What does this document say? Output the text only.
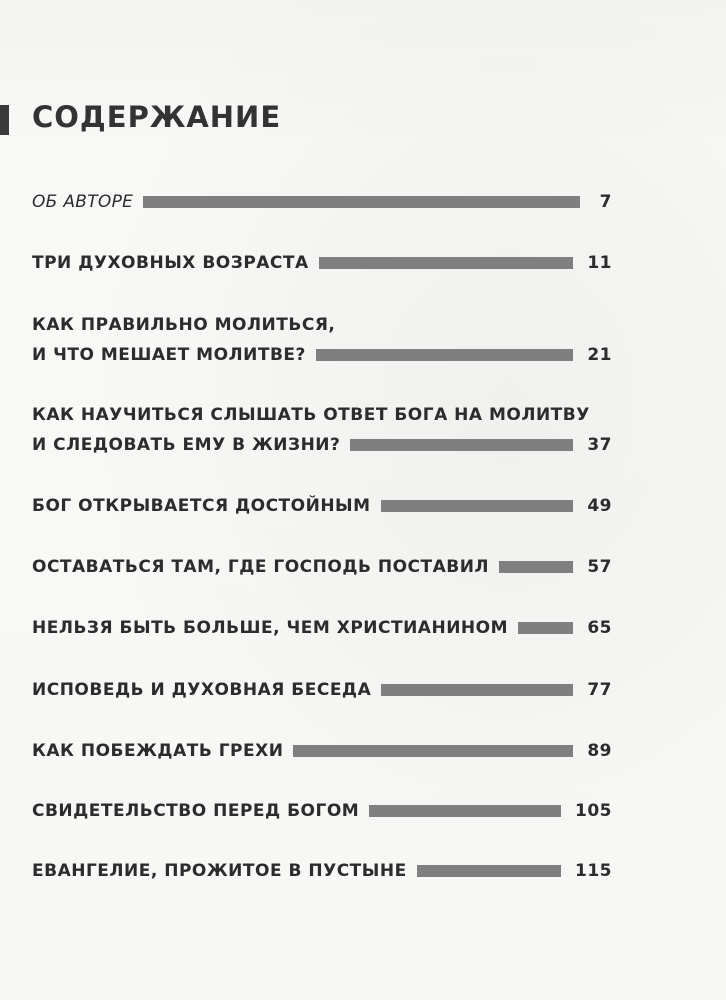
СОДЕРЖАНИЕ
ОБ АВТОРЕ	7
ТРИ ДУХОВНЫХ ВОЗРАСТА	11
КАК ПРАВИЛЬНО МОЛИТЬСЯ,
И ЧТО МЕШАЕТ МОЛИТВЕ?	21
КАК НАУЧИТЬСЯ СЛЫШАТЬ ОТВЕТ БОГА НА МОЛИТВУ
И СЛЕДОВАТЬ ЕМУ В ЖИЗНИ?	37
БОГ ОТКРЫВАЕТСЯ ДОСТОЙНЫМ	49
ОСТАВАТЬСЯ ТАМ, ГДЕ ГОСПОДЬ ПОСТАВИЛ	57
НЕЛЬЗЯ БЫТЬ БОЛЬШЕ, ЧЕМ ХРИСТИАНИНОМ	65
ИСПОВЕДЬ И ДУХОВНАЯ БЕСЕДА	77
КАК ПОБЕЖДАТЬ ГРЕХИ	89
СВИДЕТЕЛЬСТВО ПЕРЕД БОГОМ	105
ЕВАНГЕЛИЕ, ПРОЖИТОЕ В ПУСТЫНЕ	115
